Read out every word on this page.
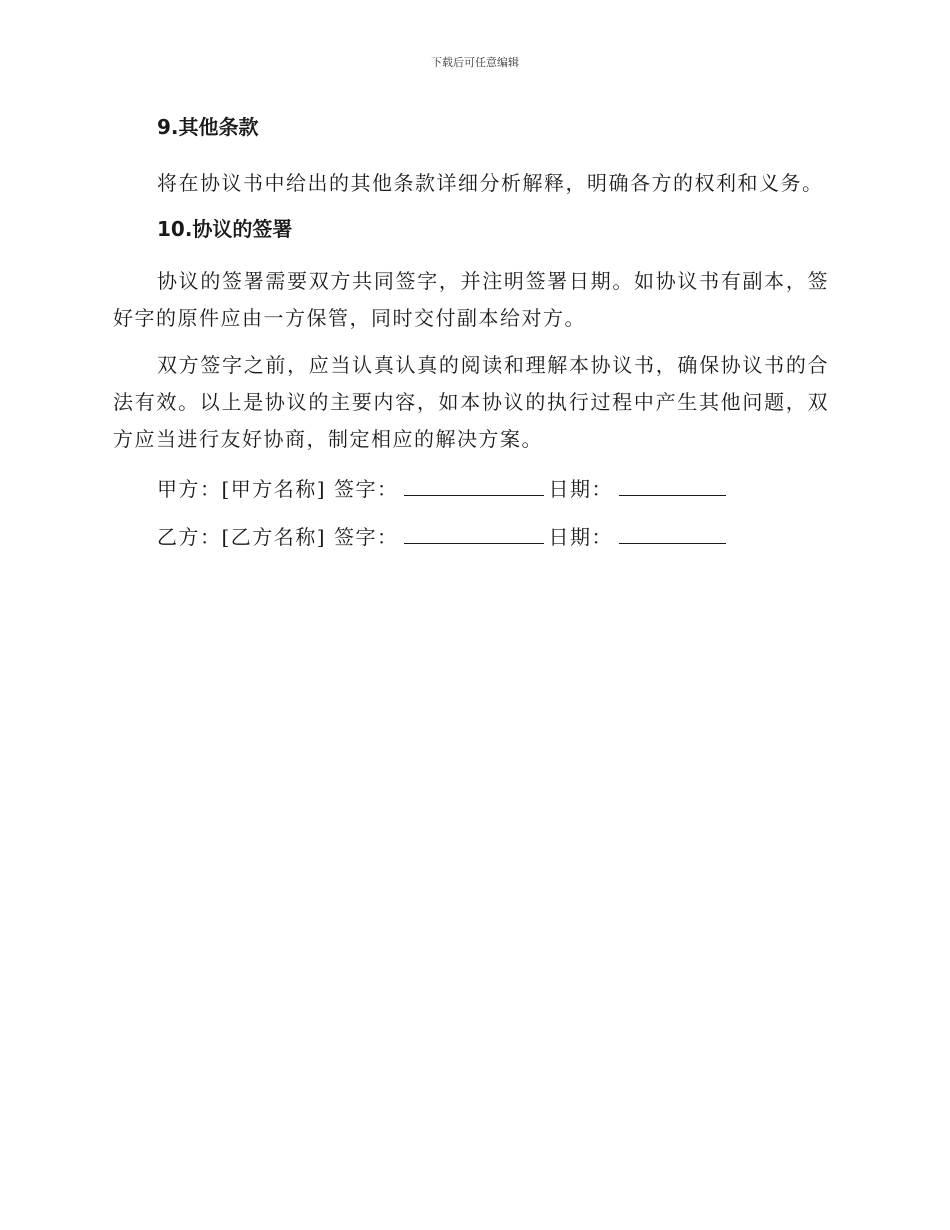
下载后可任意编辑
9.其他条款

将在协议书中给出的其他条款详细分析解释，明确各方的权利和义务。

10.协议的签署

协议的签署需要双方共同签字，并注明签署日期。如协议书有副本，签好字的原件应由一方保管，同时交付副本给对方。

双方签字之前，应当认真认真的阅读和理解本协议书，确保协议书的合法有效。以上是协议的主要内容，如本协议的执行过程中产生其他问题，双方应当进行友好协商，制定相应的解决方案。

甲方：[甲方名称] 签字：	日期：
乙方：[乙方名称] 签字：	日期：
